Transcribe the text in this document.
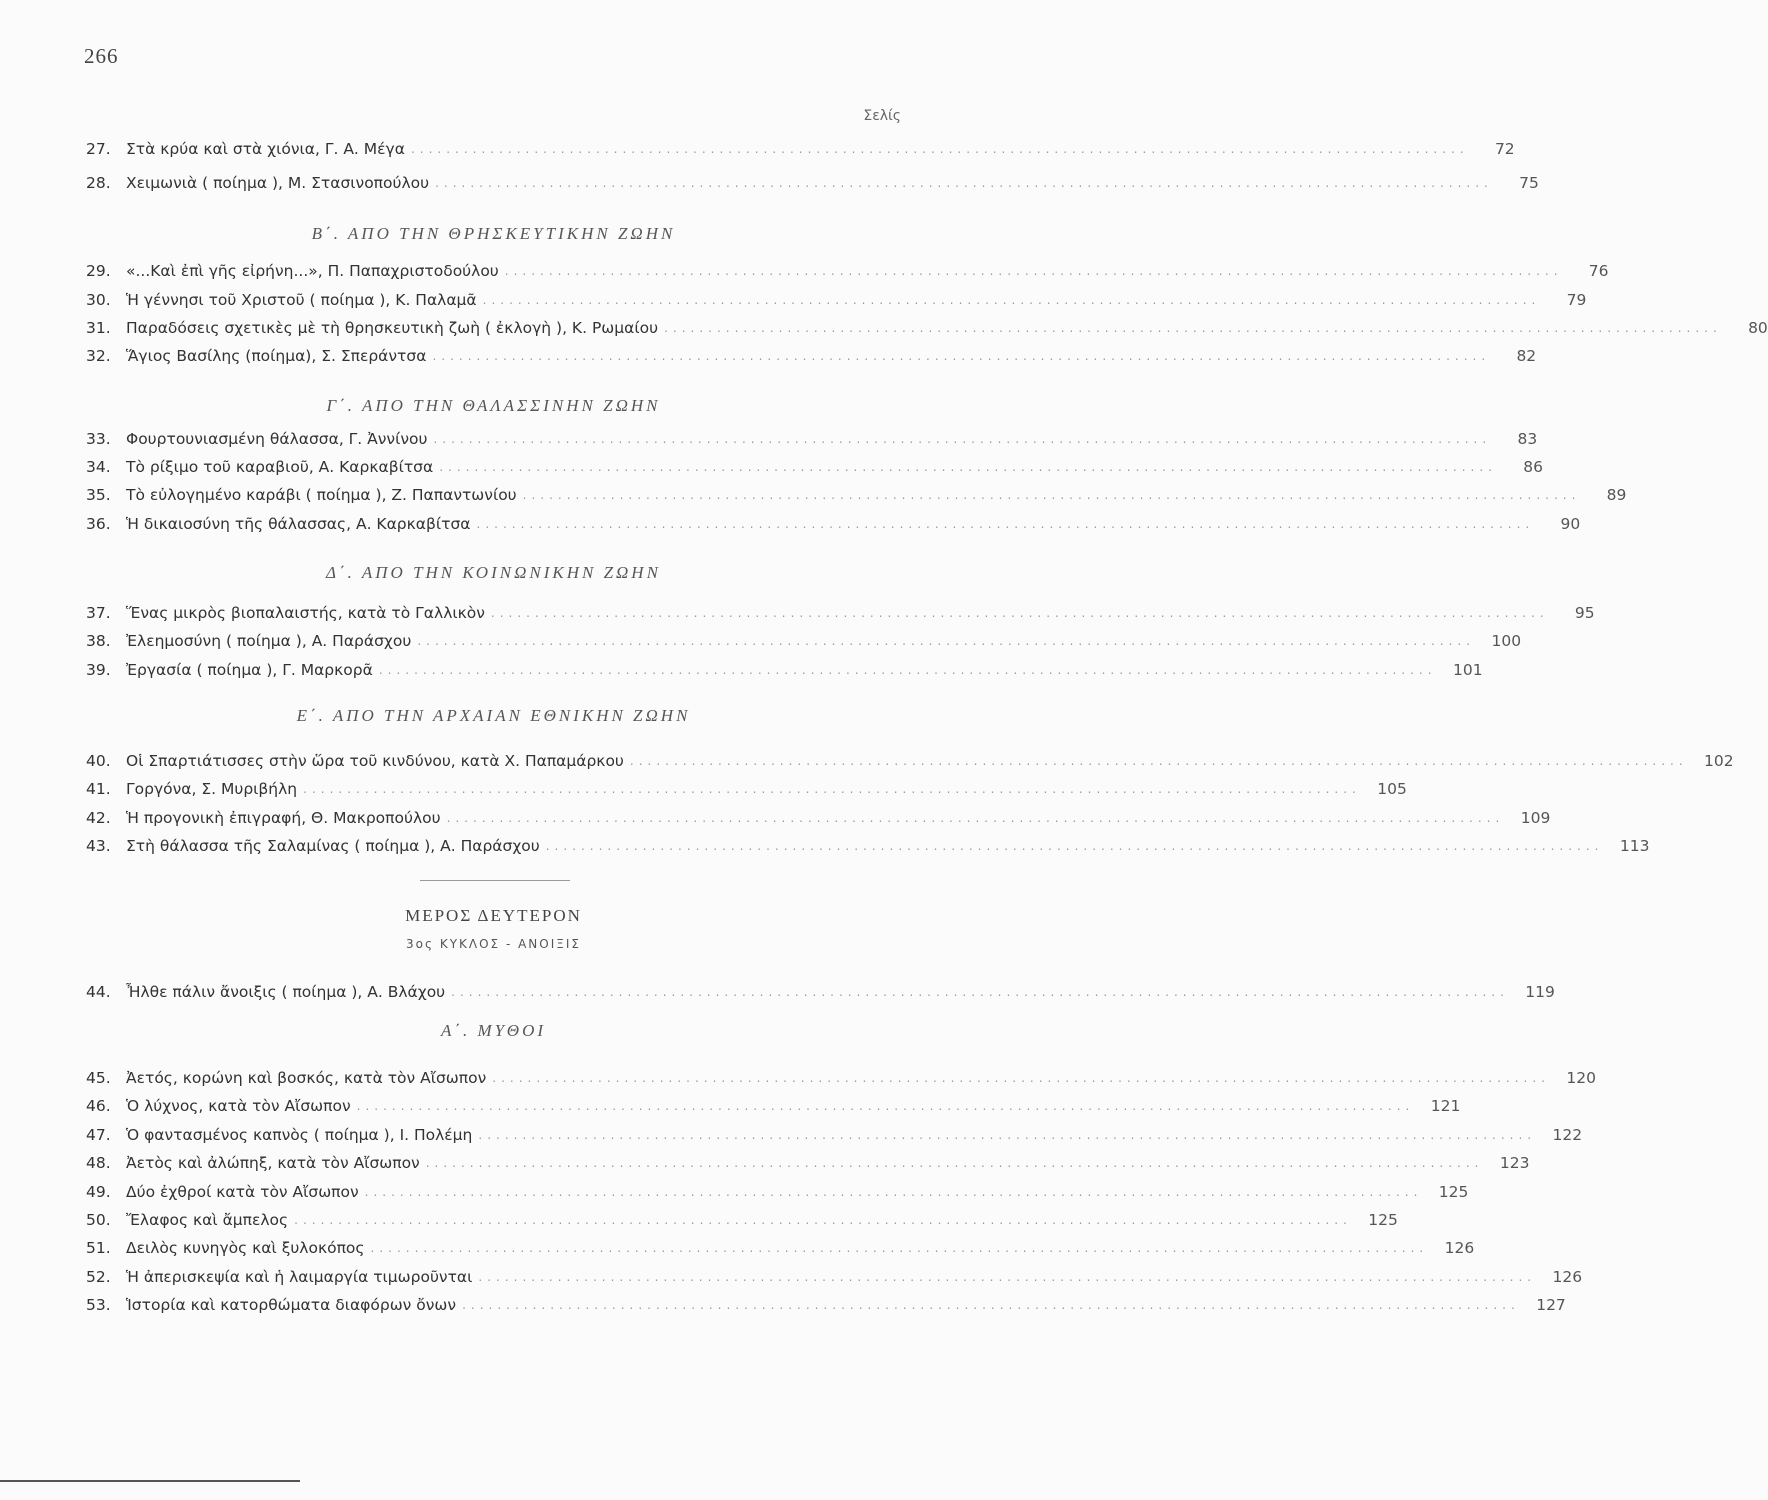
266
Σελίς
27. Στὰ κρύα καὶ στὰ χιόνια, Γ. Α. Μέγα ........................................................................................................................	72
28. Χειμωνιὰ ( ποίημα ), Μ. Στασινοπούλου ........................................................................................................................	75
Β΄. ΑΠΟ ΤΗΝ ΘΡΗΣΚΕΥΤΙΚΗΝ ΖΩΗΝ
29. «...Καὶ ἐπὶ γῆς εἰρήνη...», Π. Παπαχριστοδούλου ........................................................................................................................	76
30. Ἡ γέννησι τοῦ Χριστοῦ ( ποίημα ), Κ. Παλαμᾶ ........................................................................................................................	79
31. Παραδόσεις σχετικὲς μὲ τὴ θρησκευτικὴ ζωὴ ( ἐκλογὴ ), Κ. Ρωμαίου ........................................................................................................................	80
32. Ἅγιος Βασίλης (ποίημα), Σ. Σπεράντσα ........................................................................................................................	82
Γ΄. ΑΠΟ ΤΗΝ ΘΑΛΑΣΣΙΝΗΝ ΖΩΗΝ
33. Φουρτουνιασμένη θάλασσα, Γ. Ἀννίνου ........................................................................................................................	83
34. Τὸ ρίξιμο τοῦ καραβιοῦ, Α. Καρκαβίτσα ........................................................................................................................	86
35. Τὸ εὐλογημένο καράβι ( ποίημα ), Ζ. Παπαντωνίου ........................................................................................................................	89
36. Ἡ δικαιοσύνη τῆς θάλασσας, Α. Καρκαβίτσα ........................................................................................................................	90
Δ΄. ΑΠΟ ΤΗΝ ΚΟΙΝΩΝΙΚΗΝ ΖΩΗΝ
37. Ἕνας μικρὸς βιοπαλαιστής, κατὰ τὸ Γαλλικὸν ........................................................................................................................	95
38. Ἐλεημοσύνη ( ποίημα ), Α. Παράσχου ........................................................................................................................	100
39. Ἐργασία ( ποίημα ), Γ. Μαρκορᾶ ........................................................................................................................	101
Ε΄. ΑΠΟ ΤΗΝ ΑΡΧΑΙΑΝ ΕΘΝΙΚΗΝ ΖΩΗΝ
40. Οἱ Σπαρτιάτισσες στὴν ὥρα τοῦ κινδύνου, κατὰ Χ. Παπαμάρκου ........................................................................................................................	102
41. Γοργόνα, Σ. Μυριβήλη ........................................................................................................................	105
42. Ἡ προγονικὴ ἐπιγραφή, Θ. Μακροπούλου ........................................................................................................................	109
43. Στὴ θάλασσα τῆς Σαλαμίνας ( ποίημα ), Α. Παράσχου ........................................................................................................................	113
ΜΕΡΟΣ ΔΕΥΤΕΡΟΝ
3ος ΚΥΚΛΟΣ - ΑΝΟΙΞΙΣ
44. Ἦλθε πάλιν ἄνοιξις ( ποίημα ), Α. Βλάχου ........................................................................................................................	119
Α΄. ΜΥΘΟΙ
45. Ἀετός, κορώνη καὶ βοσκός, κατὰ τὸν Αἴσωπον ........................................................................................................................	120
46. Ὁ λύχνος, κατὰ τὸν Αἴσωπον ........................................................................................................................	121
47. Ὁ φαντασμένος καπνὸς ( ποίημα ), Ι. Πολέμη ........................................................................................................................	122
48. Ἀετὸς καὶ ἀλώπηξ, κατὰ τὸν Αἴσωπον ........................................................................................................................	123
49. Δύο ἐχθροί κατὰ τὸν Αἴσωπον ........................................................................................................................	125
50. Ἔλαφος καὶ ἄμπελος ........................................................................................................................	125
51. Δειλὸς κυνηγὸς καὶ ξυλοκόπος ........................................................................................................................	126
52. Ἡ ἀπερισκεψία καὶ ἡ λαιμαργία τιμωροῦνται ........................................................................................................................	126
53. Ἱστορία καὶ κατορθώματα διαφόρων ὄνων ........................................................................................................................	127
